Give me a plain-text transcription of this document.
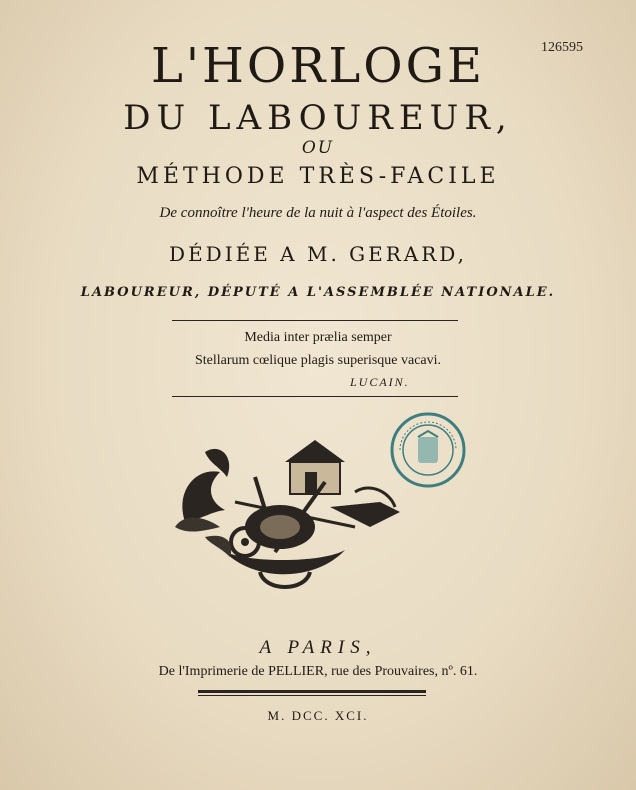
126595
L'HORLOGE
DU LABOUREUR,
OU
MÉTHODE TRÈS-FACILE
De connoître l'heure de la nuit à l'aspect des Étoiles.
DÉDIÉE A M. GERARD,
LABOUREUR, DÉPUTÉ A L'ASSEMBLÉE NATIONALE.
Media inter prælia semper
Stellarum cœlique plagis superisque vacavi.
LUCAIN.
A PARIS,
De l'Imprimerie de PELLIER, rue des Prouvaires, nº. 61.
M. DCC. XCI.
